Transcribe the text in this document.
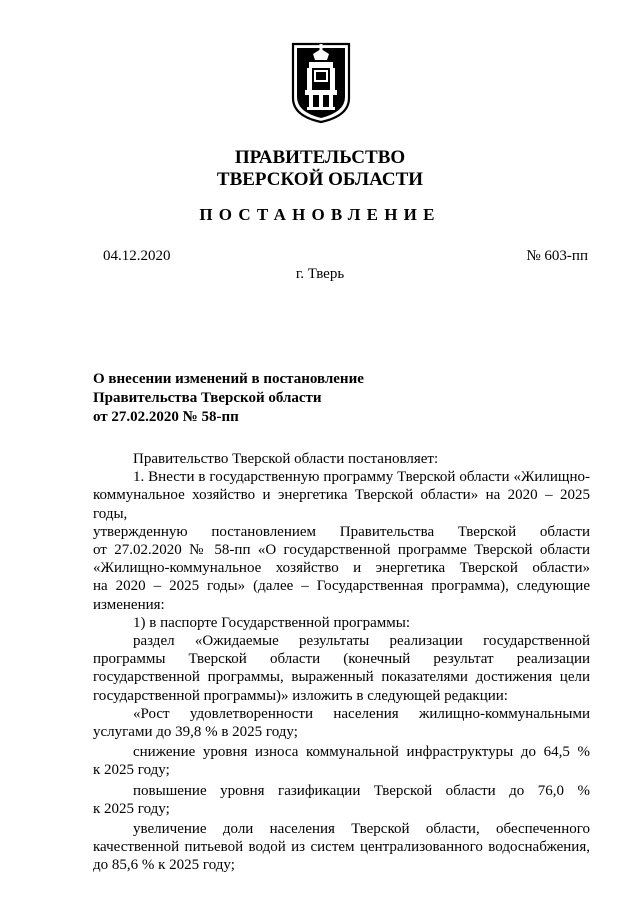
ПРАВИТЕЛЬСТВО
ТВЕРСКОЙ ОБЛАСТИ
ПОСТАНОВЛЕНИЕ
04.12.2020	№ 603-пп
г. Тверь
О внесении изменений в постановление
Правительства Тверской области
от 27.02.2020 № 58-пп
Правительство Тверской области постановляет:
1. Внести в государственную программу Тверской области «Жилищно-
коммунальное хозяйство и энергетика Тверской области» на 2020 – 2025 годы,
утвержденную постановлением Правительства Тверской области
от 27.02.2020 № 58-пп «О государственной программе Тверской области
«Жилищно-коммунальное хозяйство и энергетика Тверской области»
на 2020 – 2025 годы» (далее – Государственная программа), следующие
изменения:
1) в паспорте Государственной программы:
раздел «Ожидаемые результаты реализации государственной
программы Тверской области (конечный результат реализации
государственной программы, выраженный показателями достижения цели
государственной программы)» изложить в следующей редакции:
«Рост удовлетворенности населения жилищно-коммунальными
услугами до 39,8 % в 2025 году;
снижение уровня износа коммунальной инфраструктуры до 64,5 %
к 2025 году;
повышение уровня газификации Тверской области до 76,0 %
к 2025 году;
увеличение доли населения Тверской области, обеспеченного
качественной питьевой водой из систем централизованного водоснабжения,
до 85,6 % к 2025 году;
